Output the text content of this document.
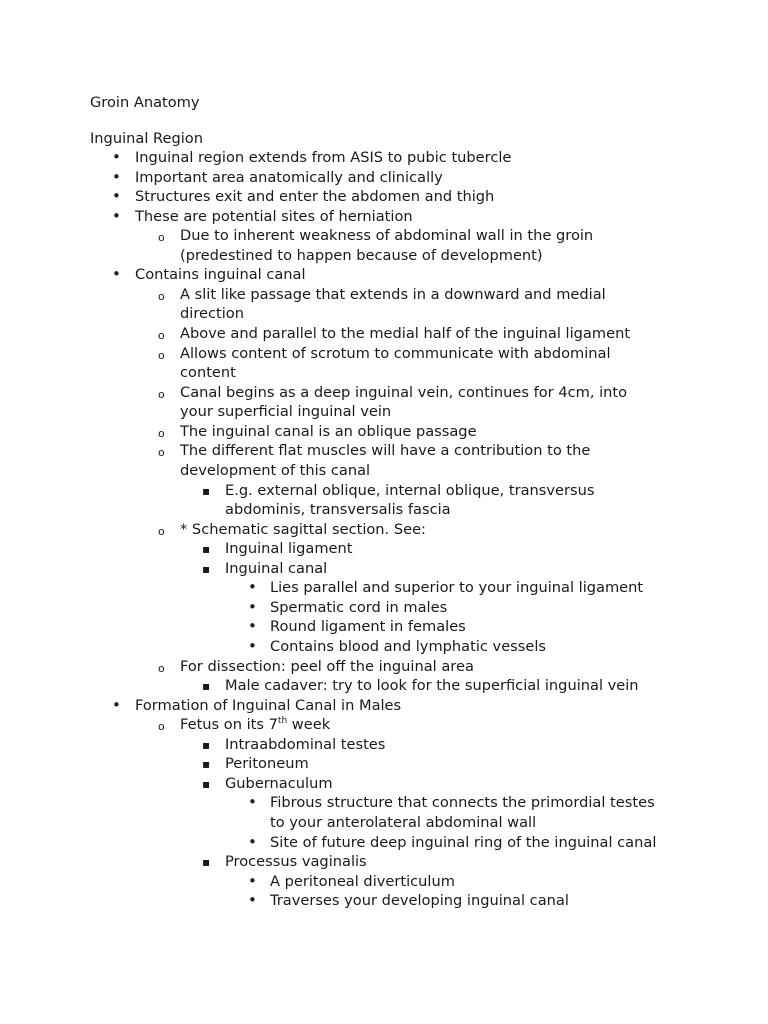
Groin Anatomy
Inguinal Region
•
Inguinal region extends from ASIS to pubic tubercle
•
Important area anatomically and clinically
•
Structures exit and enter the abdomen and thigh
•
These are potential sites of herniation
o
Due to inherent weakness of abdominal wall in the groin
(predestined to happen because of development)
•
Contains inguinal canal
o
A slit like passage that extends in a downward and medial
direction
o
Above and parallel to the medial half of the inguinal ligament
o
Allows content of scrotum to communicate with abdominal
content
o
Canal begins as a deep inguinal vein, continues for 4cm, into
your superficial inguinal vein
o
The inguinal canal is an oblique passage
o
The different flat muscles will have a contribution to the
development of this canal
▪
E.g. external oblique, internal oblique, transversus
abdominis, transversalis fascia
o
* Schematic sagittal section. See:
▪
Inguinal ligament
▪
Inguinal canal
•
Lies parallel and superior to your inguinal ligament
•
Spermatic cord in males
•
Round ligament in females
•
Contains blood and lymphatic vessels
o
For dissection: peel off the inguinal area
▪
Male cadaver: try to look for the superficial inguinal vein
•
Formation of Inguinal Canal in Males
o
Fetus on its 7th week
▪
Intraabdominal testes
▪
Peritoneum
▪
Gubernaculum
•
Fibrous structure that connects the primordial testes
to your anterolateral abdominal wall
•
Site of future deep inguinal ring of the inguinal canal
▪
Processus vaginalis
•
A peritoneal diverticulum
•
Traverses your developing inguinal canal
